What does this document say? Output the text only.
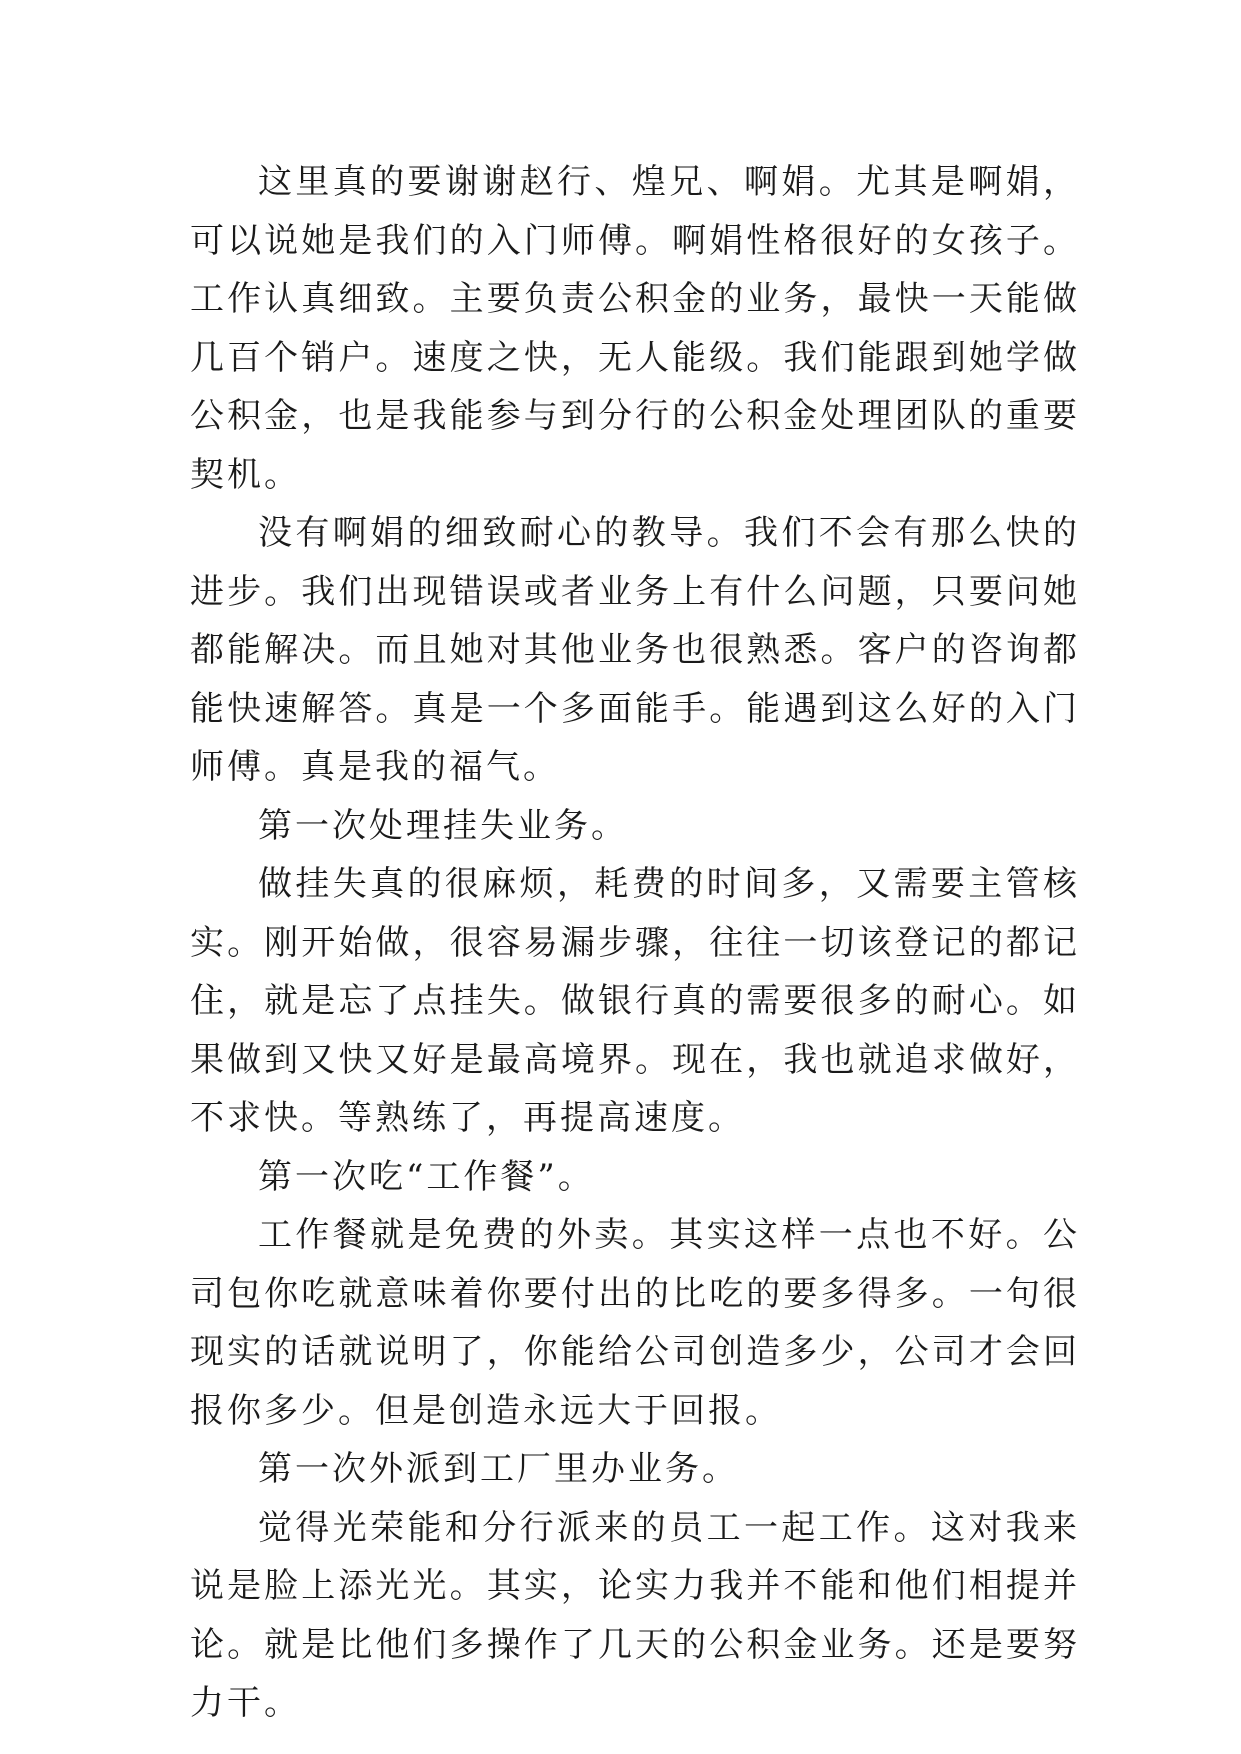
这里真的要谢谢赵行、煌兄、啊娟。尤其是啊娟，可以说她是我们的入门师傅。啊娟性格很好的女孩子。工作认真细致。主要负责公积金的业务，最快一天能做几百个销户。速度之快，无人能级。我们能跟到她学做公积金，也是我能参与到分行的公积金处理团队的重要契机。

没有啊娟的细致耐心的教导。我们不会有那么快的进步。我们出现错误或者业务上有什么问题，只要问她都能解决。而且她对其他业务也很熟悉。客户的咨询都能快速解答。真是一个多面能手。能遇到这么好的入门师傅。真是我的福气。

第一次处理挂失业务。

做挂失真的很麻烦，耗费的时间多，又需要主管核实。刚开始做，很容易漏步骤，往往一切该登记的都记住，就是忘了点挂失。做银行真的需要很多的耐心。如果做到又快又好是最高境界。现在，我也就追求做好，不求快。等熟练了，再提高速度。

第一次吃“工作餐”。

工作餐就是免费的外卖。其实这样一点也不好。公司包你吃就意味着你要付出的比吃的要多得多。一句很现实的话就说明了，你能给公司创造多少，公司才会回报你多少。但是创造永远大于回报。

第一次外派到工厂里办业务。

觉得光荣能和分行派来的员工一起工作。这对我来说是脸上添光光。其实，论实力我并不能和他们相提并论。就是比他们多操作了几天的公积金业务。还是要努力干。
